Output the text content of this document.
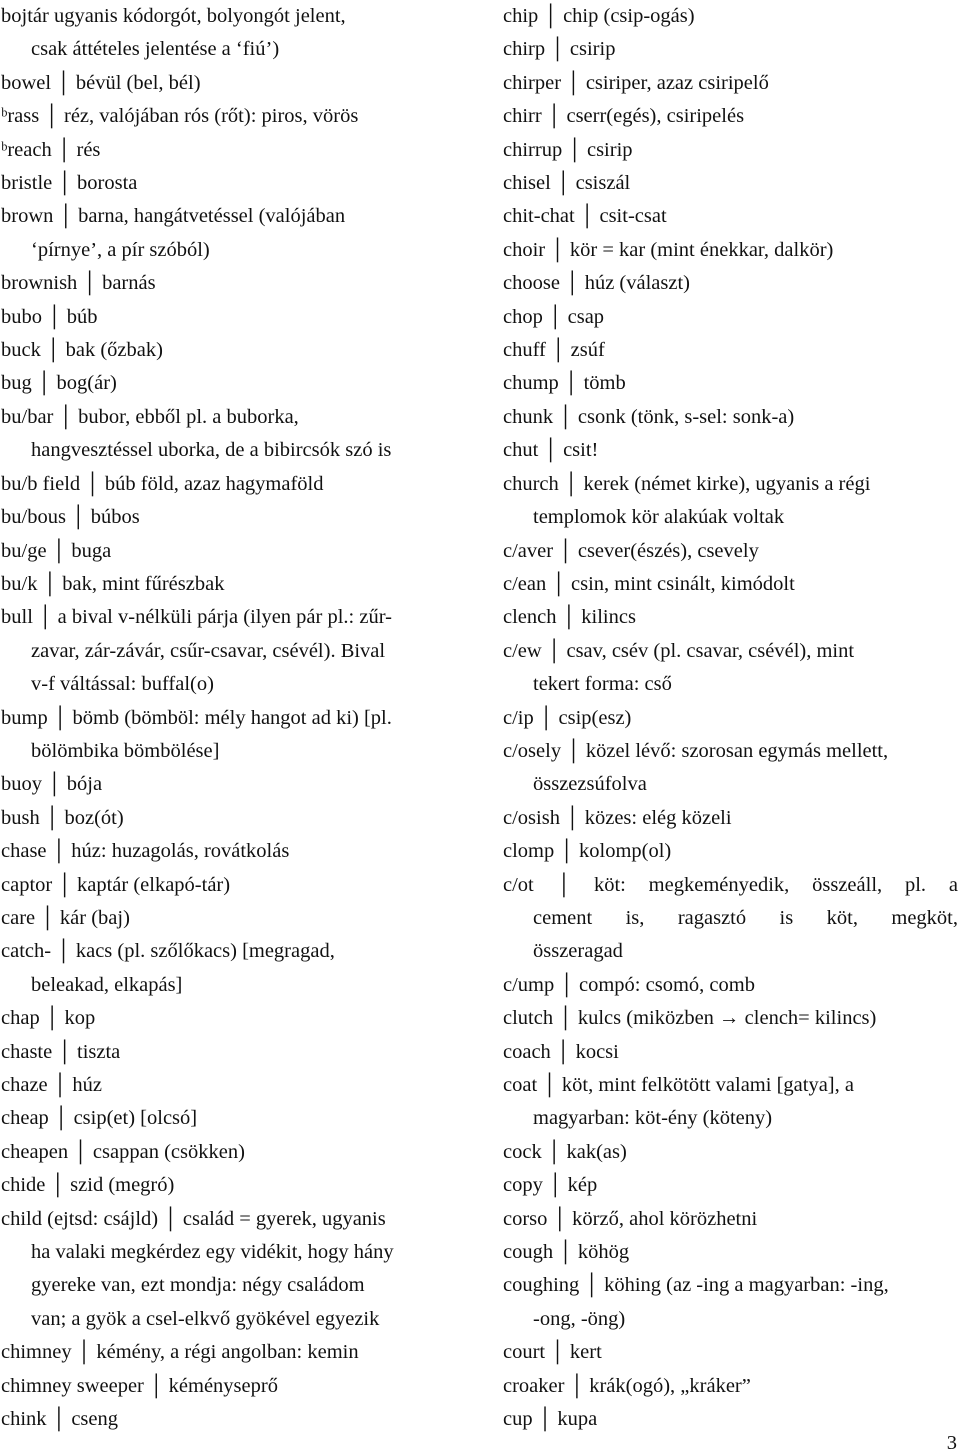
bojtár ugyanis kódorgót, bolyongót jelent,
csak áttételes jelentése a ‘fiú’)
bowel │ bévül (bel, bél)
ᵇrass │ réz, valójában rós (rőt): piros, vörös
ᵇreach │ rés
bristle │ borosta
brown │ barna, hangátvetéssel (valójában
‘pírnye’, a pír szóból)
brownish │ barnás
bubo │ búb
buck │ bak (őzbak)
bug │ bog(ár)
bu/bar │ bubor, ebből pl. a buborka,
hangvesztéssel uborka, de a bibircsók szó is
bu/b field │ búb föld, azaz hagymaföld
bu/bous │ búbos
bu/ge │ buga
bu/k │ bak, mint fűrészbak
bull │ a bival v-nélküli párja (ilyen pár pl.: zűr-
zavar, zár-závár, csűr-csavar, csévél). Bival
v-f váltással: buffal(o)
bump │ bömb (bömböl: mély hangot ad ki) [pl.
bölömbika bömbölése]
buoy │ bója
bush │ boz(ót)
chase │ húz: huzagolás, rovátkolás
captor │ kaptár (elkapó-tár)
care │ kár (baj)
catch- │ kacs (pl. szőlőkacs) [megragad,
beleakad, elkapás]
chap │ kop
chaste │ tiszta
chaze │ húz
cheap │ csip(et) [olcsó]
cheapen │ csappan (csökken)
chide │ szid (megró)
child (ejtsd: csájld) │ család = gyerek, ugyanis
ha valaki megkérdez egy vidékit, hogy hány
gyereke van, ezt mondja: négy családom
van; a gyök a csel-elkvő gyökével egyezik
chimney │ kémény, a régi angolban: kemin
chimney sweeper │ kéményseprő
chink │ cseng
chip │ chip (csip-ogás)
chirp │ csirip
chirper │ csiriper, azaz csiripelő
chirr │ cserr(egés), csiripelés
chirrup │ csirip
chisel │ csiszál
chit-chat │ csit-csat
choir │ kör = kar (mint énekkar, dalkör)
choose │ húz (választ)
chop │ csap
chuff │ zsúf
chump │ tömb
chunk │ csonk (tönk, s-sel: sonk-a)
chut │ csit!
church │ kerek (német kirke), ugyanis a régi
templomok kör alakúak voltak
c/aver │ csever(észés), csevely
c/ean │ csin, mint csinált, kimódolt
clench │ kilincs
c/ew │ csav, csév (pl. csavar, csévél), mint
tekert forma: cső
c/ip │ csip(esz)
c/osely │ közel lévő: szorosan egymás mellett,
összezsúfolva
c/osish │ közes: elég közeli
clomp │ kolomp(ol)
c/ot │ köt: megkeményedik, összeáll, pl. a
cement is, ragasztó is köt, megköt,
összeragad
c/ump │ compó: csomó, comb
clutch │ kulcs (miközben → clench= kilincs)
coach │ kocsi
coat │ köt, mint felkötött valami [gatya], a
magyarban: köt-ény (köteny)
cock │ kak(as)
copy │ kép
corso │ körző, ahol körözhetni
cough │ köhög
coughing │ köhing (az -ing a magyarban: -ing,
-ong, -öng)
court │ kert
croaker │ krák(ogó), „kráker”
cup │ kupa
3
